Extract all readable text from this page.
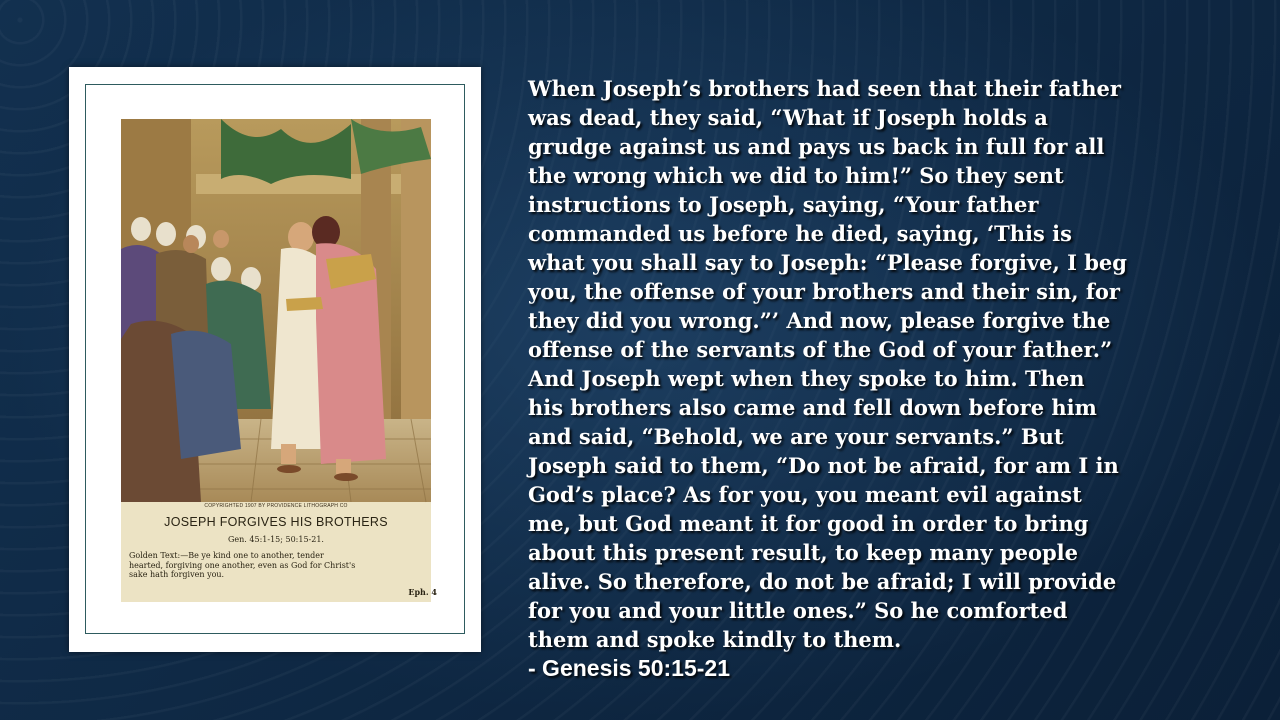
COPYRIGHTED 1907 BY PROVIDENCE LITHOGRAPH CO
JOSEPH FORGIVES HIS BROTHERS
Gen. 45:1-15; 50:15-21.
Golden Text:—Be ye kind one to another, tender
hearted, forgiving one another, even as God for Christ's
sake hath forgiven you.
Eph. 4
When Joseph’s brothers had seen that their father
was dead, they said, “What if Joseph holds a
grudge against us and pays us back in full for all
the wrong which we did to him!” So they sent
instructions to Joseph, saying, “Your father
commanded us before he died, saying, ‘This is
what you shall say to Joseph: “Please forgive, I beg
you, the offense of your brothers and their sin, for
they did you wrong.”’ And now, please forgive the
offense of the servants of the God of your father.”
And Joseph wept when they spoke to him. Then
his brothers also came and fell down before him
and said, “Behold, we are your servants.” But
Joseph said to them, “Do not be afraid, for am I in
God’s place? As for you, you meant evil against
me, but God meant it for good in order to bring
about this present result, to keep many people
alive. So therefore, do not be afraid; I will provide
for you and your little ones.” So he comforted
them and spoke kindly to them.
- Genesis 50:15-21
